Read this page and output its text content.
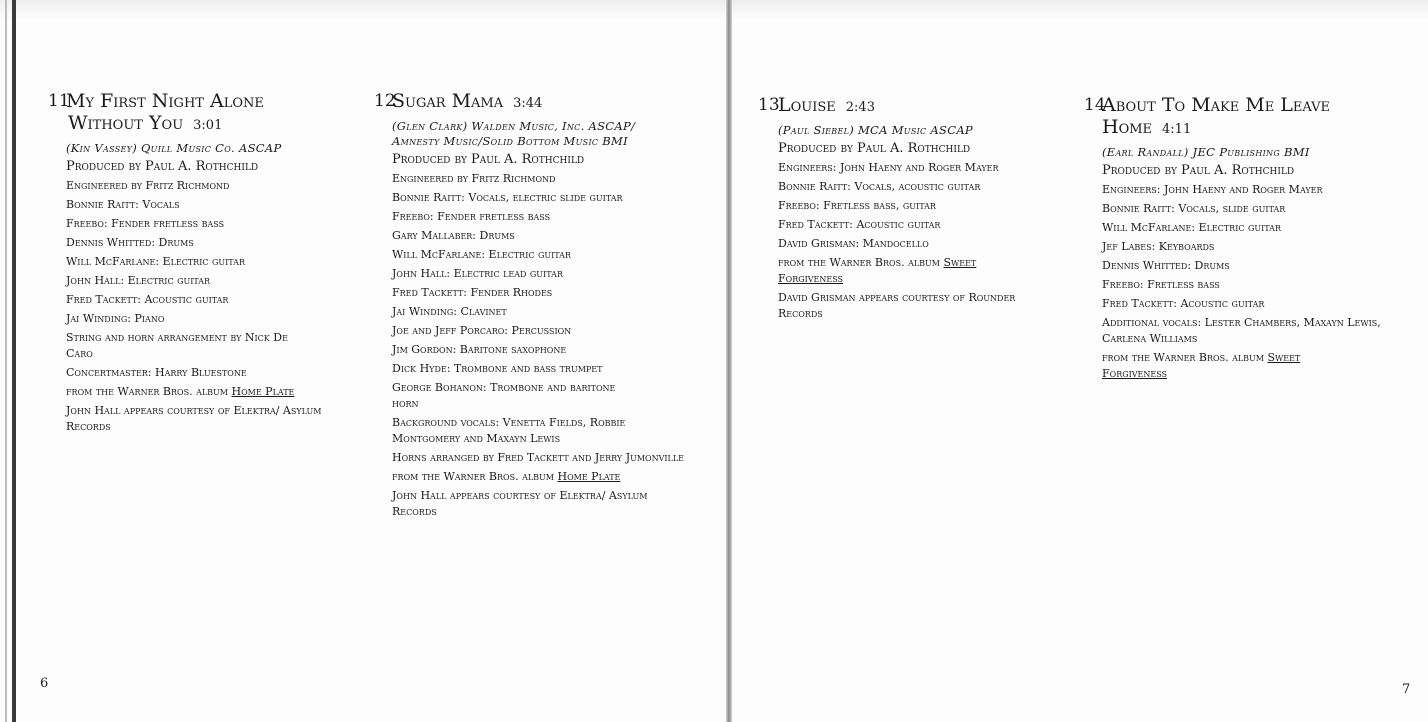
11
My First Night Alone
Without You 3:01
(Kin Vassey) Quill Music Co. ASCAP
Produced by Paul A. Rothchild
Engineered by Fritz Richmond
Bonnie Raitt: Vocals
Freebo: Fender fretless bass
Dennis Whitted: Drums
Will McFarlane: Electric guitar
John Hall: Electric guitar
Fred Tackett: Acoustic guitar
Jai Winding: Piano
String and horn arrangement by Nick De Caro
Concertmaster: Harry Bluestone
from the Warner Bros. album Home Plate
John Hall appears courtesy of Elektra/ Asylum Records
12
Sugar Mama 3:44
(Glen Clark) Walden Music, Inc. ASCAP/
Amnesty Music/Solid Bottom Music BMI
Produced by Paul A. Rothchild
Engineered by Fritz Richmond
Bonnie Raitt: Vocals, electric slide guitar
Freebo: Fender fretless bass
Gary Mallaber: Drums
Will McFarlane: Electric guitar
John Hall: Electric lead guitar
Fred Tackett: Fender Rhodes
Jai Winding: Clavinet
Joe and Jeff Porcaro: Percussion
Jim Gordon: Baritone saxophone
Dick Hyde: Trombone and bass trumpet
George Bohanon: Trombone and baritone horn
Background vocals: Venetta Fields, Robbie Montgomery and Maxayn Lewis
Horns arranged by Fred Tackett and Jerry Jumonville
from the Warner Bros. album Home Plate
John Hall appears courtesy of Elektra/ Asylum Records
13
Louise 2:43
(Paul Siebel) MCA Music ASCAP
Produced by Paul A. Rothchild
Engineers: John Haeny and Roger Mayer
Bonnie Raitt: Vocals, acoustic guitar
Freebo: Fretless bass, guitar
Fred Tackett: Acoustic guitar
David Grisman: Mandocello
from the Warner Bros. album Sweet Forgiveness
David Grisman appears courtesy of Rounder Records
14
About To Make Me Leave
Home 4:11
(Earl Randall) JEC Publishing BMI
Produced by Paul A. Rothchild
Engineers: John Haeny and Roger Mayer
Bonnie Raitt: Vocals, slide guitar
Will McFarlane: Electric guitar
Jef Labes: Keyboards
Dennis Whitted: Drums
Freebo: Fretless bass
Fred Tackett: Acoustic guitar
Additional vocals: Lester Chambers, Maxayn Lewis, Carlena Williams
from the Warner Bros. album Sweet Forgiveness
6	7
